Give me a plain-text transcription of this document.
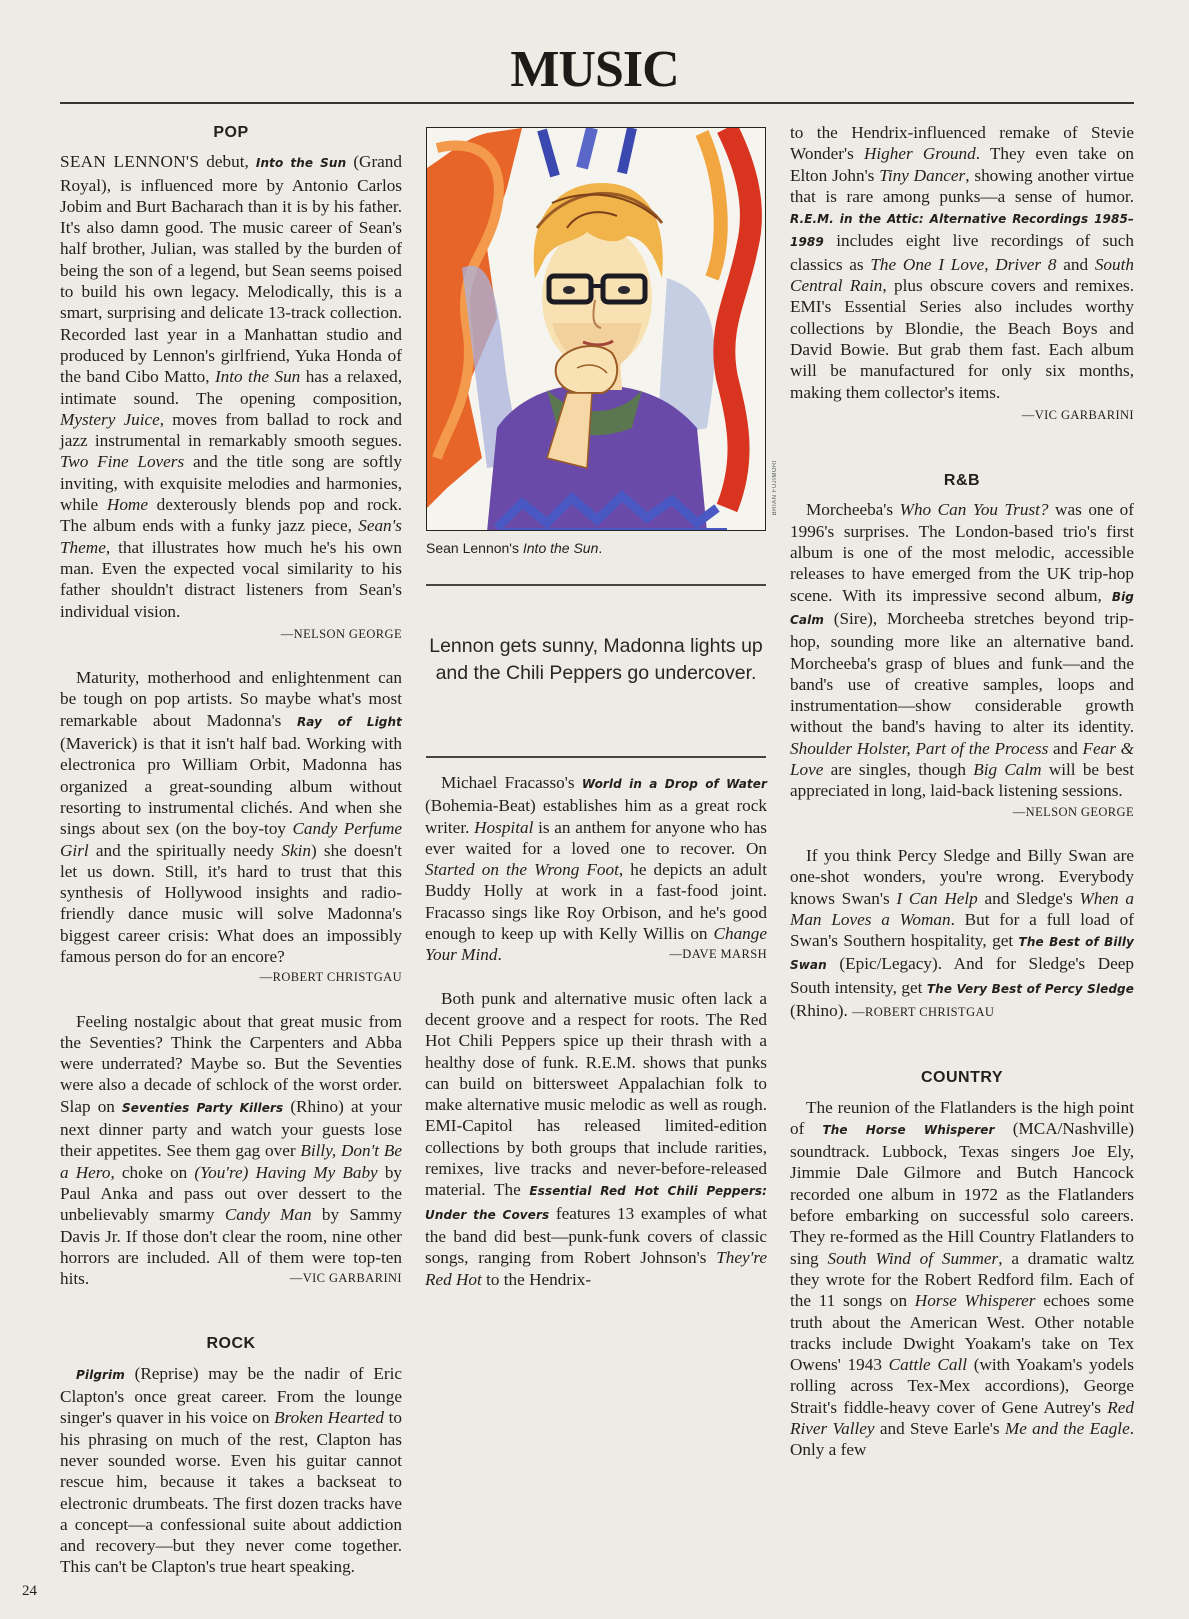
MUSIC
POP

SEAN LENNON'S debut, Into the Sun (Grand Royal), is influenced more by Antonio Carlos Jobim and Burt Bacharach than it is by his father. It's also damn good. The music career of Sean's half brother, Julian, was stalled by the burden of being the son of a legend, but Sean seems poised to build his own legacy. Melodically, this is a smart, surprising and delicate 13-track collection. Recorded last year in a Manhattan studio and produced by Lennon's girlfriend, Yuka Honda of the band Cibo Matto, Into the Sun has a relaxed, intimate sound. The opening composition, Mystery Juice, moves from ballad to rock and jazz instrumental in remarkably smooth segues. Two Fine Lovers and the title song are softly inviting, with exquisite melodies and harmonies, while Home dexterously blends pop and rock. The album ends with a funky jazz piece, Sean's Theme, that illustrates how much he's his own man. Even the expected vocal similarity to his father shouldn't distract listeners from Sean's individual vision.

—NELSON GEORGE

Maturity, motherhood and enlightenment can be tough on pop artists. So maybe what's most remarkable about Madonna's Ray of Light (Maverick) is that it isn't half bad. Working with electronica pro William Orbit, Madonna has organized a great-sounding album without resorting to instrumental clichés. And when she sings about sex (on the boy-toy Candy Perfume Girl and the spiritually needy Skin) she doesn't let us down. Still, it's hard to trust that this synthesis of Hollywood insights and radio-friendly dance music will solve Madonna's biggest career crisis: What does an impossibly famous person do for an encore?
—ROBERT CHRISTGAU

Feeling nostalgic about that great music from the Seventies? Think the Carpenters and Abba were underrated? Maybe so. But the Seventies were also a decade of schlock of the worst order. Slap on Seventies Party Killers (Rhino) at your next dinner party and watch your guests lose their appetites. See them gag over Billy, Don't Be a Hero, choke on (You're) Having My Baby by Paul Anka and pass out over dessert to the unbelievably smarmy Candy Man by Sammy Davis Jr. If those don't clear the room, nine other horrors are included. All of them were top-ten hits.	—VIC GARBARINI

ROCK

Pilgrim (Reprise) may be the nadir of Eric Clapton's once great career. From the lounge singer's quaver in his voice on Broken Hearted to his phrasing on much of the rest, Clapton has never sounded worse. Even his guitar cannot rescue him, because it takes a backseat to electronic drumbeats. The first dozen tracks have a concept—a confessional suite about addiction and recovery—but they never come together. This can't be Clapton's true heart speaking.

BRIAN FUJIMORI
Sean Lennon's Into the Sun.
Lennon gets sunny, Madonna lights up and the Chili Peppers go undercover.

Michael Fracasso's World in a Drop of Water (Bohemia-Beat) establishes him as a great rock writer. Hospital is an anthem for anyone who has ever waited for a loved one to recover. On Started on the Wrong Foot, he depicts an adult Buddy Holly at work in a fast-food joint. Fracasso sings like Roy Orbison, and he's good enough to keep up with Kelly Willis on Change Your Mind.	—DAVE MARSH

Both punk and alternative music often lack a decent groove and a respect for roots. The Red Hot Chili Peppers spice up their thrash with a healthy dose of funk. R.E.M. shows that punks can build on bittersweet Appalachian folk to make alternative music melodic as well as rough. EMI-Capitol has released limited-edition collections by both groups that include rarities, remixes, live tracks and never-before-released material. The Essential Red Hot Chili Peppers: Under the Covers features 13 examples of what the band did best—punk-funk covers of classic songs, ranging from Robert Johnson's They're Red Hot to the Hendrix-

to the Hendrix-influenced remake of Stevie Wonder's Higher Ground. They even take on Elton John's Tiny Dancer, showing another virtue that is rare among punks—a sense of humor. R.E.M. in the Attic: Alternative Recordings 1985–1989 includes eight live recordings of such classics as The One I Love, Driver 8 and South Central Rain, plus obscure covers and remixes. EMI's Essential Series also includes worthy collections by Blondie, the Beach Boys and David Bowie. But grab them fast. Each album will be manufactured for only six months, making them collector's items.

—VIC GARBARINI
R&B

Morcheeba's Who Can You Trust? was one of 1996's surprises. The London-based trio's first album is one of the most melodic, accessible releases to have emerged from the UK trip-hop scene. With its impressive second album, Big Calm (Sire), Morcheeba stretches beyond trip-hop, sounding more like an alternative band. Morcheeba's grasp of blues and funk—and the band's use of creative samples, loops and instrumentation—show considerable growth without the band's having to alter its identity. Shoulder Holster, Part of the Process and Fear & Love are singles, though Big Calm will be best appreciated in long, laid-back listening sessions.
—NELSON GEORGE

If you think Percy Sledge and Billy Swan are one-shot wonders, you're wrong. Everybody knows Swan's I Can Help and Sledge's When a Man Loves a Woman. But for a full load of Swan's Southern hospitality, get The Best of Billy Swan (Epic/Legacy). And for Sledge's Deep South intensity, get The Very Best of Percy Sledge (Rhino). —ROBERT CHRISTGAU

COUNTRY

The reunion of the Flatlanders is the high point of The Horse Whisperer (MCA/Nashville) soundtrack. Lubbock, Texas singers Joe Ely, Jimmie Dale Gilmore and Butch Hancock recorded one album in 1972 as the Flatlanders before embarking on successful solo careers. They re-formed as the Hill Country Flatlanders to sing South Wind of Summer, a dramatic waltz they wrote for the Robert Redford film. Each of the 11 songs on Horse Whisperer echoes some truth about the American West. Other notable tracks include Dwight Yoakam's take on Tex Owens' 1943 Cattle Call (with Yoakam's yodels rolling across Tex-Mex accordions), George Strait's fiddle-heavy cover of Gene Autrey's Red River Valley and Steve Earle's Me and the Eagle. Only a few

24
